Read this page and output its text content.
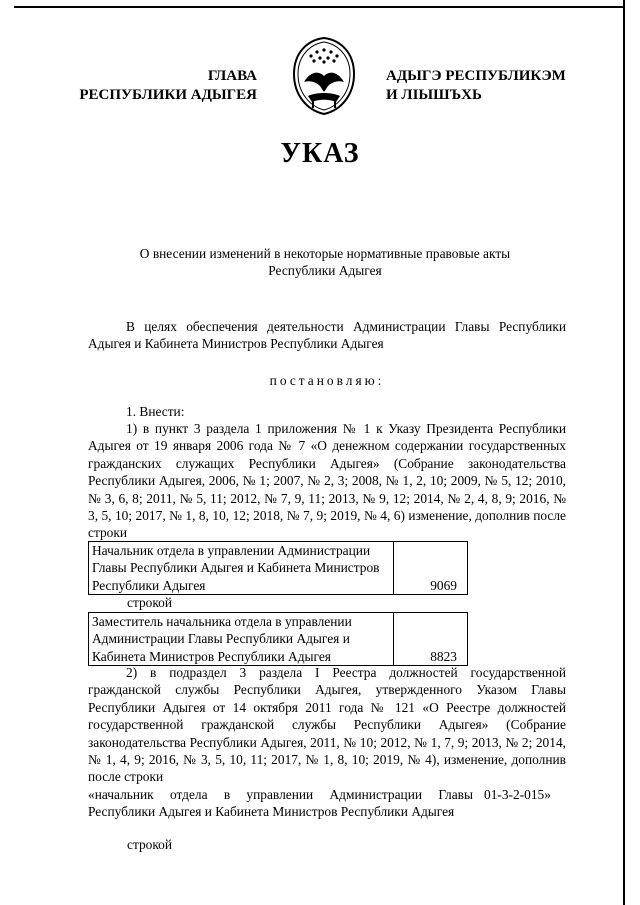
ГЛАВА
РЕСПУБЛИКИ АДЫГЕЯ
АДЫГЭ РЕСПУБЛИКЭМ
И ЛІЫШЪХЬ
УКАЗ
О внесении изменений в некоторые нормативные правовые акты
Республики Адыгея
В целях обеспечения деятельности Администрации Главы Республики Адыгея и Кабинета Министров Республики Адыгея
постановляю:
1. Внести:
1) в пункт 3 раздела 1 приложения № 1 к Указу Президента Республики Адыгея от 19 января 2006 года № 7 «О денежном содержании государственных гражданских служащих Республики Адыгея» (Собрание законодательства Республики Адыгея, 2006, № 1; 2007, № 2, 3; 2008, № 1, 2, 10; 2009, № 5, 12; 2010, № 3, 6, 8; 2011, № 5, 11; 2012, № 7, 9, 11; 2013, № 9, 12; 2014, № 2, 4, 8, 9; 2016, № 3, 5, 10; 2017, № 1, 8, 10, 12; 2018, № 7, 9; 2019, № 4, 6) изменение, дополнив после строки
Начальник отдела в управлении Администрации Главы Республики Адыгея и Кабинета Министров Республики Адыгея	9069
строкой
Заместитель начальника отдела в управлении Администрации Главы Республики Адыгея и Кабинета Министров Республики Адыгея	8823
2) в подраздел 3 раздела I Реестра должностей государственной гражданской службы Республики Адыгея, утвержденного Указом Главы Республики Адыгея от 14 октября 2011 года № 121 «О Реестре должностей государственной гражданской службы Республики Адыгея» (Собрание законодательства Республики Адыгея, 2011, № 10; 2012, № 1, 7, 9; 2013, № 2; 2014, № 1, 4, 9; 2016, № 3, 5, 10, 11; 2017, № 1, 8, 10; 2019, № 4), изменение, дополнив после строки
«начальник отдела в управлении Администрации Главы Республики Адыгея и Кабинета Министров Республики Адыгея
01-3-2-015»
строкой
